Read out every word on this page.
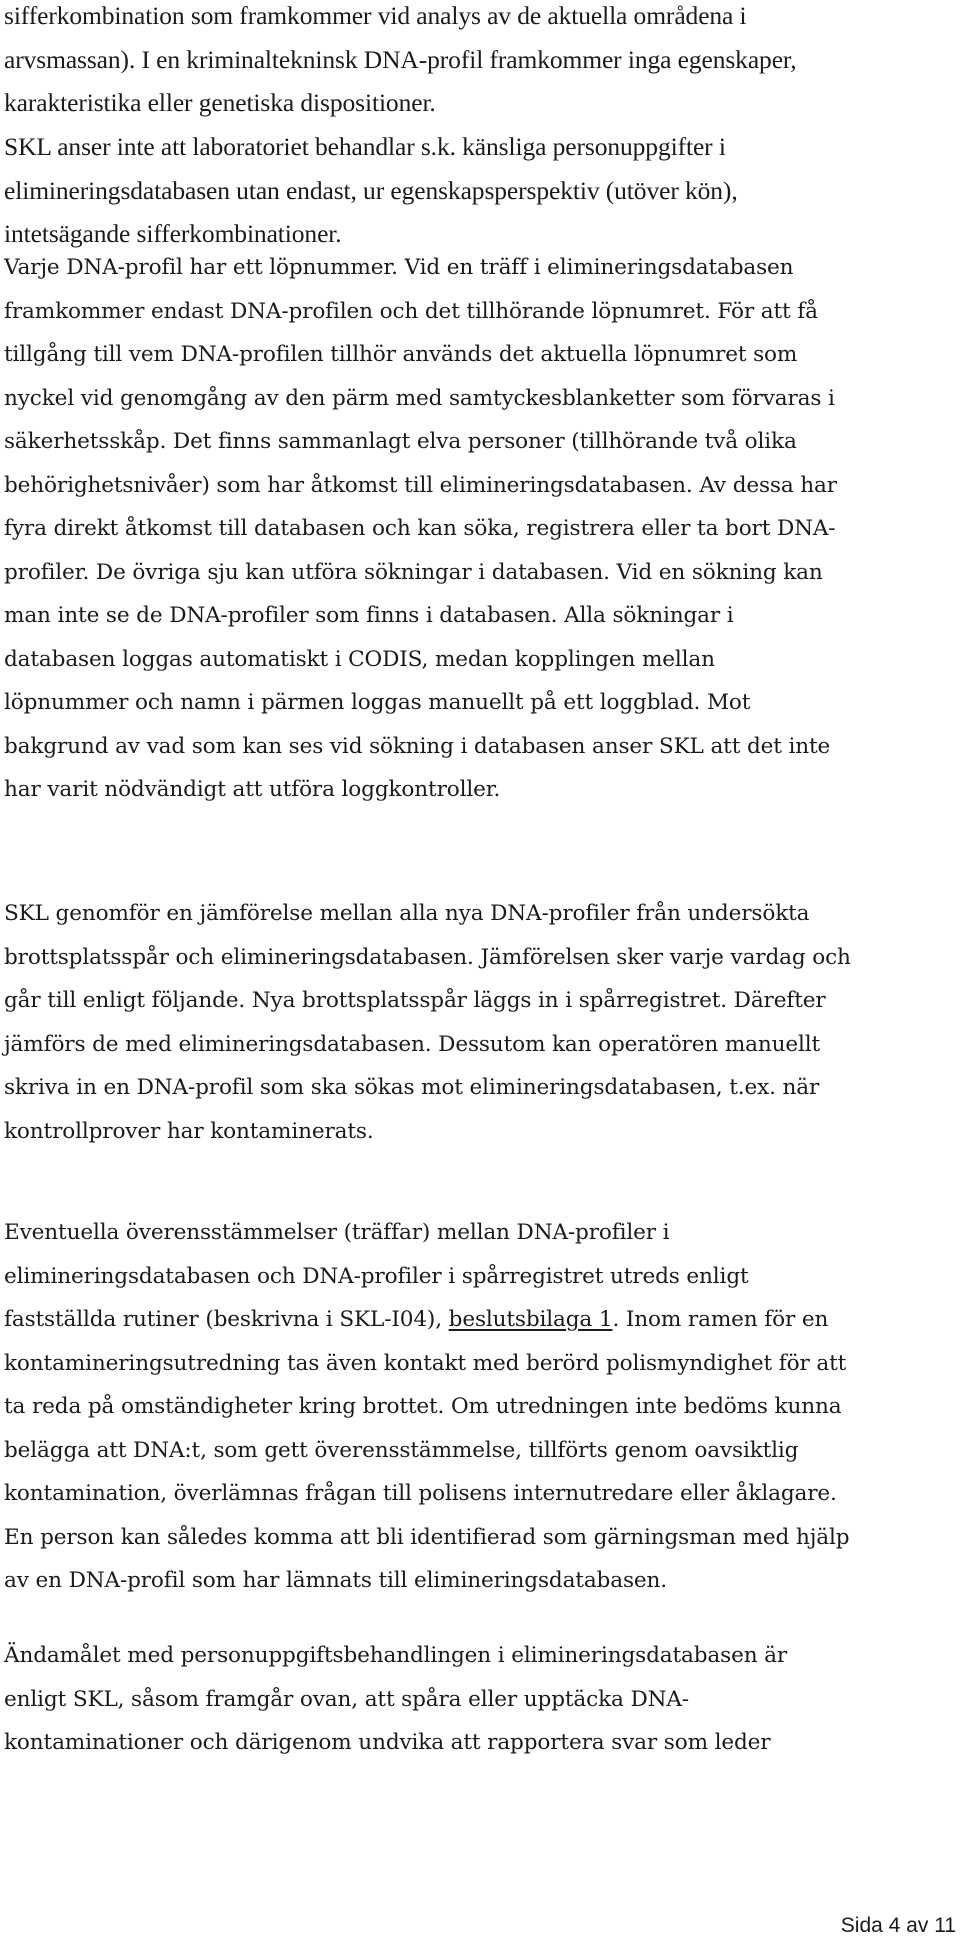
sifferkombination som framkommer vid analys av de aktuella områdena i
arvsmassan). I en kriminaltekninsk DNA-profil framkommer inga egenskaper,
karakteristika eller genetiska dispositioner.
SKL anser inte att laboratoriet behandlar s.k. känsliga personuppgifter i
elimineringsdatabasen utan endast, ur egenskapsperspektiv (utöver kön),
intetsägande sifferkombinationer.
Varje DNA-profil har ett löpnummer. Vid en träff i elimineringsdatabasen
framkommer endast DNA-profilen och det tillhörande löpnumret. För att få
tillgång till vem DNA-profilen tillhör används det aktuella löpnumret som
nyckel vid genomgång av den pärm med samtyckesblanketter som förvaras i
säkerhetsskåp. Det finns sammanlagt elva personer (tillhörande två olika
behörighetsnivåer) som har åtkomst till elimineringsdatabasen. Av dessa har
fyra direkt åtkomst till databasen och kan söka, registrera eller ta bort DNA-
profiler. De övriga sju kan utföra sökningar i databasen. Vid en sökning kan
man inte se de DNA-profiler som finns i databasen. Alla sökningar i
databasen loggas automatiskt i CODIS, medan kopplingen mellan
löpnummer och namn i pärmen loggas manuellt på ett loggblad. Mot
bakgrund av vad som kan ses vid sökning i databasen anser SKL att det inte
har varit nödvändigt att utföra loggkontroller.
SKL genomför en jämförelse mellan alla nya DNA-profiler från undersökta
brottsplatsspår och elimineringsdatabasen. Jämförelsen sker varje vardag och
går till enligt följande. Nya brottsplatsspår läggs in i spårregistret. Därefter
jämförs de med elimineringsdatabasen. Dessutom kan operatören manuellt
skriva in en DNA-profil som ska sökas mot elimineringsdatabasen, t.ex. när
kontrollprover har kontaminerats.
Eventuella överensstämmelser (träffar) mellan DNA-profiler i
elimineringsdatabasen och DNA-profiler i spårregistret utreds enligt
fastställda rutiner (beskrivna i SKL-I04), beslutsbilaga 1. Inom ramen för en
kontamineringsutredning tas även kontakt med berörd polismyndighet för att
ta reda på omständigheter kring brottet. Om utredningen inte bedöms kunna
belägga att DNA:t, som gett överensstämmelse, tillförts genom oavsiktlig
kontamination, överlämnas frågan till polisens internutredare eller åklagare.
En person kan således komma att bli identifierad som gärningsman med hjälp
av en DNA-profil som har lämnats till elimineringsdatabasen.
Ändamålet med personuppgiftsbehandlingen i elimineringsdatabasen är
enligt SKL, såsom framgår ovan, att spåra eller upptäcka DNA-
kontaminationer och därigenom undvika att rapportera svar som leder
Sida 4 av 11
